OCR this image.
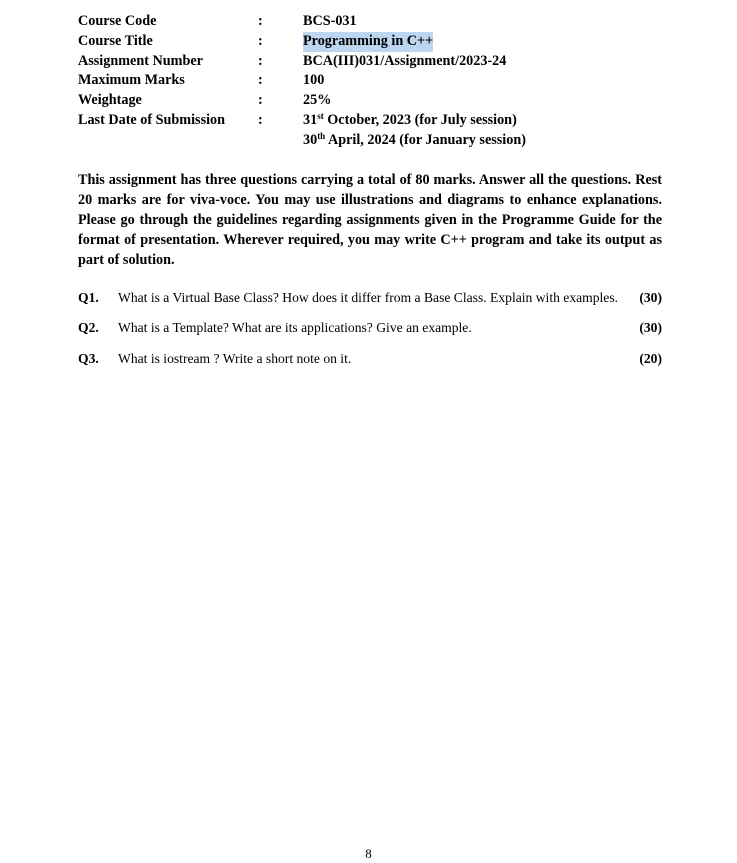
Course Code	:	BCS-031
Course Title	:	Programming in C++
Assignment Number	:	BCA(III)031/Assignment/2023-24
Maximum Marks	:	100
Weightage	:	25%
Last Date of Submission :	31st October, 2023 (for July session)
30th April, 2024 (for January session)

This assignment has three questions carrying a total of 80 marks. Answer all the questions. Rest 20 marks are for viva-voce. You may use illustrations and diagrams to enhance explanations. Please go through the guidelines regarding assignments given in the Programme Guide for the format of presentation. Wherever required, you may write C++ program and take its output as part of solution.

Q1. What is a Virtual Base Class? How does it differ from a Base Class. Explain with examples. (30)
Q2. What is a Template? What are its applications? Give an example.	(30)
Q3. What is iostream ? Write a short note on it.	(20)
8
